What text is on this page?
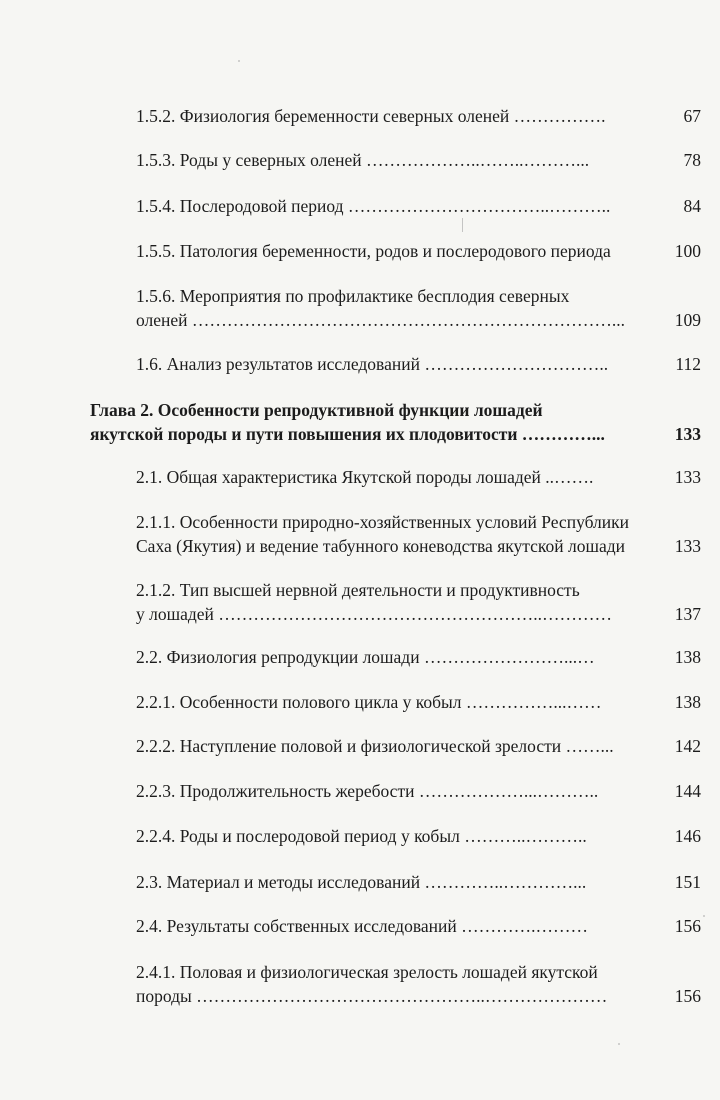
1.5.2. Физиология беременности северных оленей …………….	67
1.5.3. Роды у северных оленей ………………..……..………...	78
1.5.4. Послеродовой период ……………………………..………..	84
1.5.5. Патология беременности, родов и послеродового периода	100
1.5.6. Мероприятия по профилактике бесплодия северных
оленей ………………………………………………………………...	109
1.6. Анализ результатов исследований …………………………..	112
Глава 2. Особенности репродуктивной функции лошадей
якутской породы и пути повышения их плодовитости …………...	133
2.1. Общая характеристика Якутской породы лошадей ..…….	133
2.1.1. Особенности природно-хозяйственных условий Республики
Саха (Якутия) и ведение табунного коневодства якутской лошади	133
2.1.2. Тип высшей нервной деятельности и продуктивность
у лошадей ………………………………………………..…………	137
2.2. Физиология репродукции лошади ……………………...…	138
2.2.1. Особенности полового цикла у кобыл ……………...……	138
2.2.2. Наступление половой и физиологической зрелости ……...	142
2.2.3. Продолжительность жеребости ………………...………..	144
2.2.4. Роды и послеродовой период у кобыл ………..………..	146
2.3. Материал и методы исследований …………..…………...	151
2.4. Результаты собственных исследований ………….………	156
2.4.1. Половая и физиологическая зрелость лошадей якутской
породы …………………………………………..…………………	156
